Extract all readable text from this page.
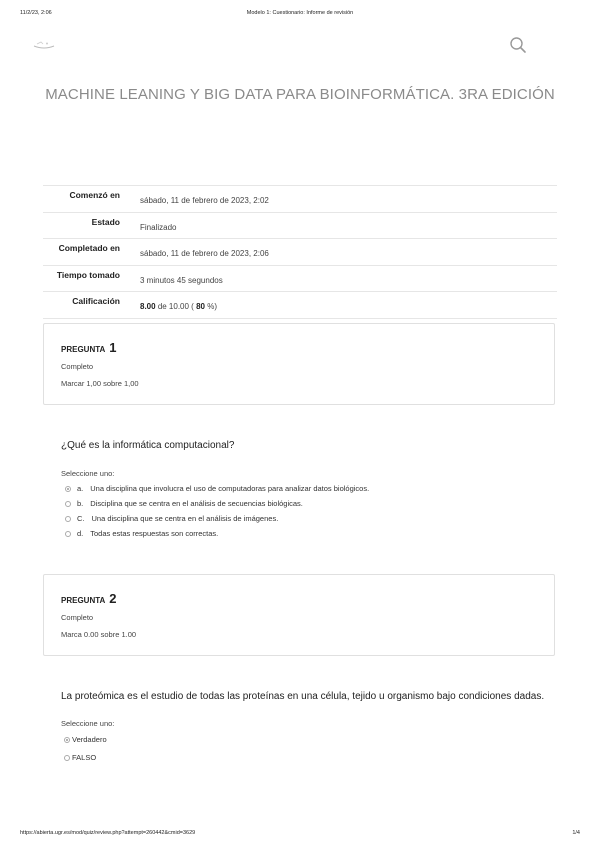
11/2/23, 2:06	Modelo 1: Cuestionario: Informe de revisión
MACHINE LEANING Y BIG DATA PARA BIOINFORMÁTICA. 3RA EDICIÓN
Comenzó en
sábado, 11 de febrero de 2023, 2:02
Estado
Finalizado
Completado en
sábado, 11 de febrero de 2023, 2:06
Tiempo tomado
3 minutos 45 segundos
Calificación
8.00 de 10.00 ( 80 %)
PREGUNTA 1
Completo
Marcar 1,00 sobre 1,00
¿Qué es la informática computacional?
Seleccione uno:
a. Una disciplina que involucra el uso de computadoras para analizar datos biológicos.
b. Disciplina que se centra en el análisis de secuencias biológicas.
C. Una disciplina que se centra en el análisis de imágenes.
d. Todas estas respuestas son correctas.
PREGUNTA 2
Completo
Marca 0.00 sobre 1.00
La proteómica es el estudio de todas las proteínas en una célula, tejido u organismo bajo condiciones dadas.
Seleccione uno:
Verdadero
FALSO
https://abierta.ugr.es/mod/quiz/review.php?attempt=260442&cmid=3629	1/4
